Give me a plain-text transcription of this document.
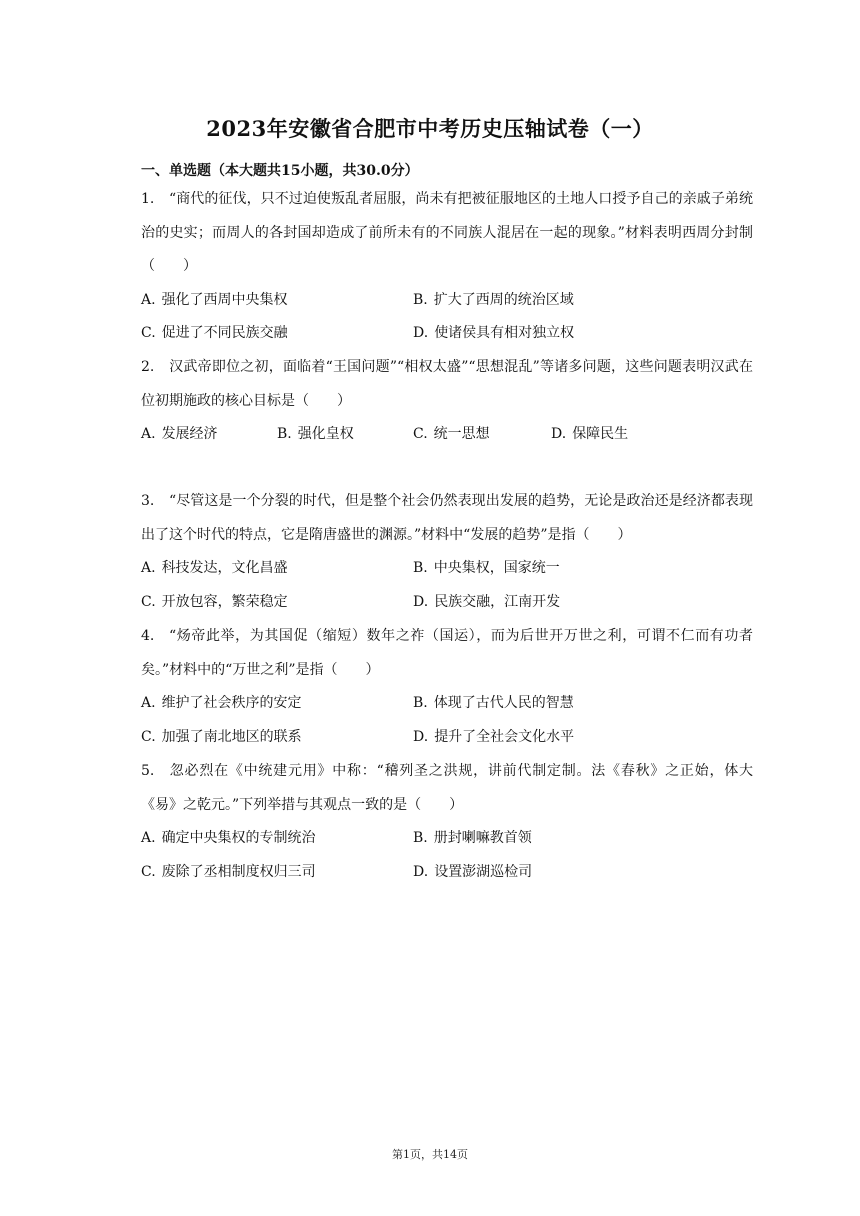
2023年安徽省合肥市中考历史压轴试卷（一）
一、单选题（本大题共15小题，共30.0分）
1. “商代的征伐，只不过迫使叛乱者屈服，尚未有把被征服地区的土地人口授予自己的亲戚子弟统治的史实；而周人的各封国却造成了前所未有的不同族人混居在一起的现象。”材料表明西周分封制（　　）
A. 强化了西周中央集权	B. 扩大了西周的统治区域
C. 促进了不同民族交融	D. 使诸侯具有相对独立权
2. 汉武帝即位之初，面临着“王国问题”“相权太盛”“思想混乱”等诸多问题，这些问题表明汉武在位初期施政的核心目标是（　　）
A. 发展经济	B. 强化皇权	C. 统一思想	D. 保障民生
3. “尽管这是一个分裂的时代，但是整个社会仍然表现出发展的趋势，无论是政治还是经济都表现出了这个时代的特点，它是隋唐盛世的渊源。”材料中“发展的趋势”是指（　　）
A. 科技发达，文化昌盛	B. 中央集权，国家统一
C. 开放包容，繁荣稳定	D. 民族交融，江南开发
4. “炀帝此举，为其国促（缩短）数年之祚（国运），而为后世开万世之利，可谓不仁而有功者矣。”材料中的“万世之利”是指（　　）
A. 维护了社会秩序的安定	B. 体现了古代人民的智慧
C. 加强了南北地区的联系	D. 提升了全社会文化水平
5. 忽必烈在《中统建元用》中称：“稽列圣之洪规，讲前代制定制。法《春秋》之正始，体大《易》之乾元。”下列举措与其观点一致的是（　　）
A. 确定中央集权的专制统治	B. 册封喇嘛教首领
C. 废除了丞相制度权归三司	D. 设置澎湖巡检司
第1页，共14页
